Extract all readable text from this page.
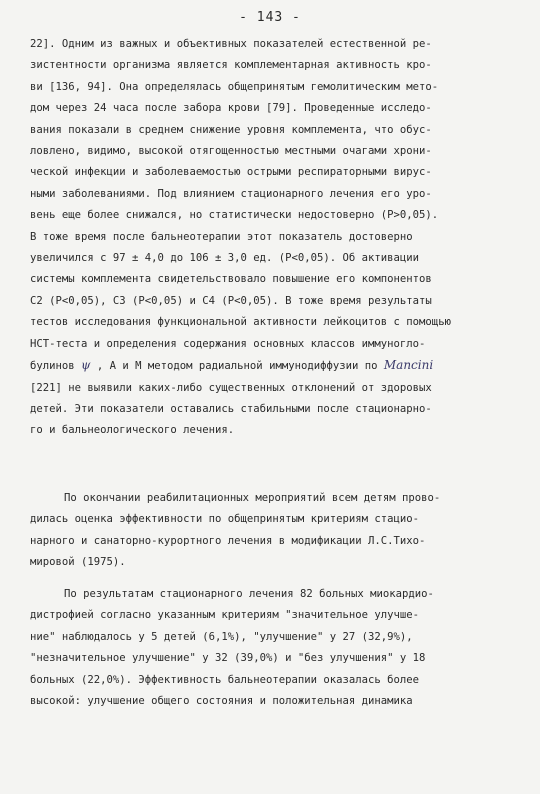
- 143 -
22]. Одним из важных и объективных показателей естественной ре-
зистентности организма является комплементарная активность кро-
ви [136, 94]. Она определялась общепринятым гемолитическим мето-
дом через 24 часа после забора крови [79]. Проведенные исследо-
вания показали в среднем снижение уровня комплемента, что обус-
ловлено, видимо, высокой отягощенностью местными очагами хрони-
ческой инфекции и заболеваемостью острыми респираторными вирус-
ными заболеваниями. Под влиянием стационарного лечения его уро-
вень еще более снижался, но статистически недостоверно (P>0,05).
В тоже время после бальнеотерапии этот показатель достоверно
увеличился с 97 ± 4,0 до 106 ± 3,0 ед. (P<0,05). Об активации
системы комплемента свидетельствовало повышение его компонентов
C2 (P<0,05), C3 (P<0,05) и C4 (P<0,05). В тоже время результаты
тестов исследования функциональной активности лейкоцитов с помощью
НСТ-теста и определения содержания основных классов иммуногло-
булинов ψ , A и M методом радиальной иммунодиффузии по Mancini
[221] не выявили каких-либо существенных отклонений от здоровых
детей. Эти показатели оставались стабильными после стационарно-
го и бальнеологического лечения.
По окончании реабилитационных мероприятий всем детям прово-
дилась оценка эффективности по общепринятым критериям стацио-
нарного и санаторно-курортного лечения в модификации Л.С.Тихо-
мировой (1975).
По результатам стационарного лечения 82 больных миокардио-
дистрофией согласно указанным критериям "значительное улучше-
ние" наблюдалось у 5 детей (6,1%), "улучшение" у 27 (32,9%),
"незначительное улучшение" у 32 (39,0%) и "без улучшения" у 18
больных (22,0%). Эффективность бальнеотерапии оказалась более
высокой: улучшение общего состояния и положительная динамика
